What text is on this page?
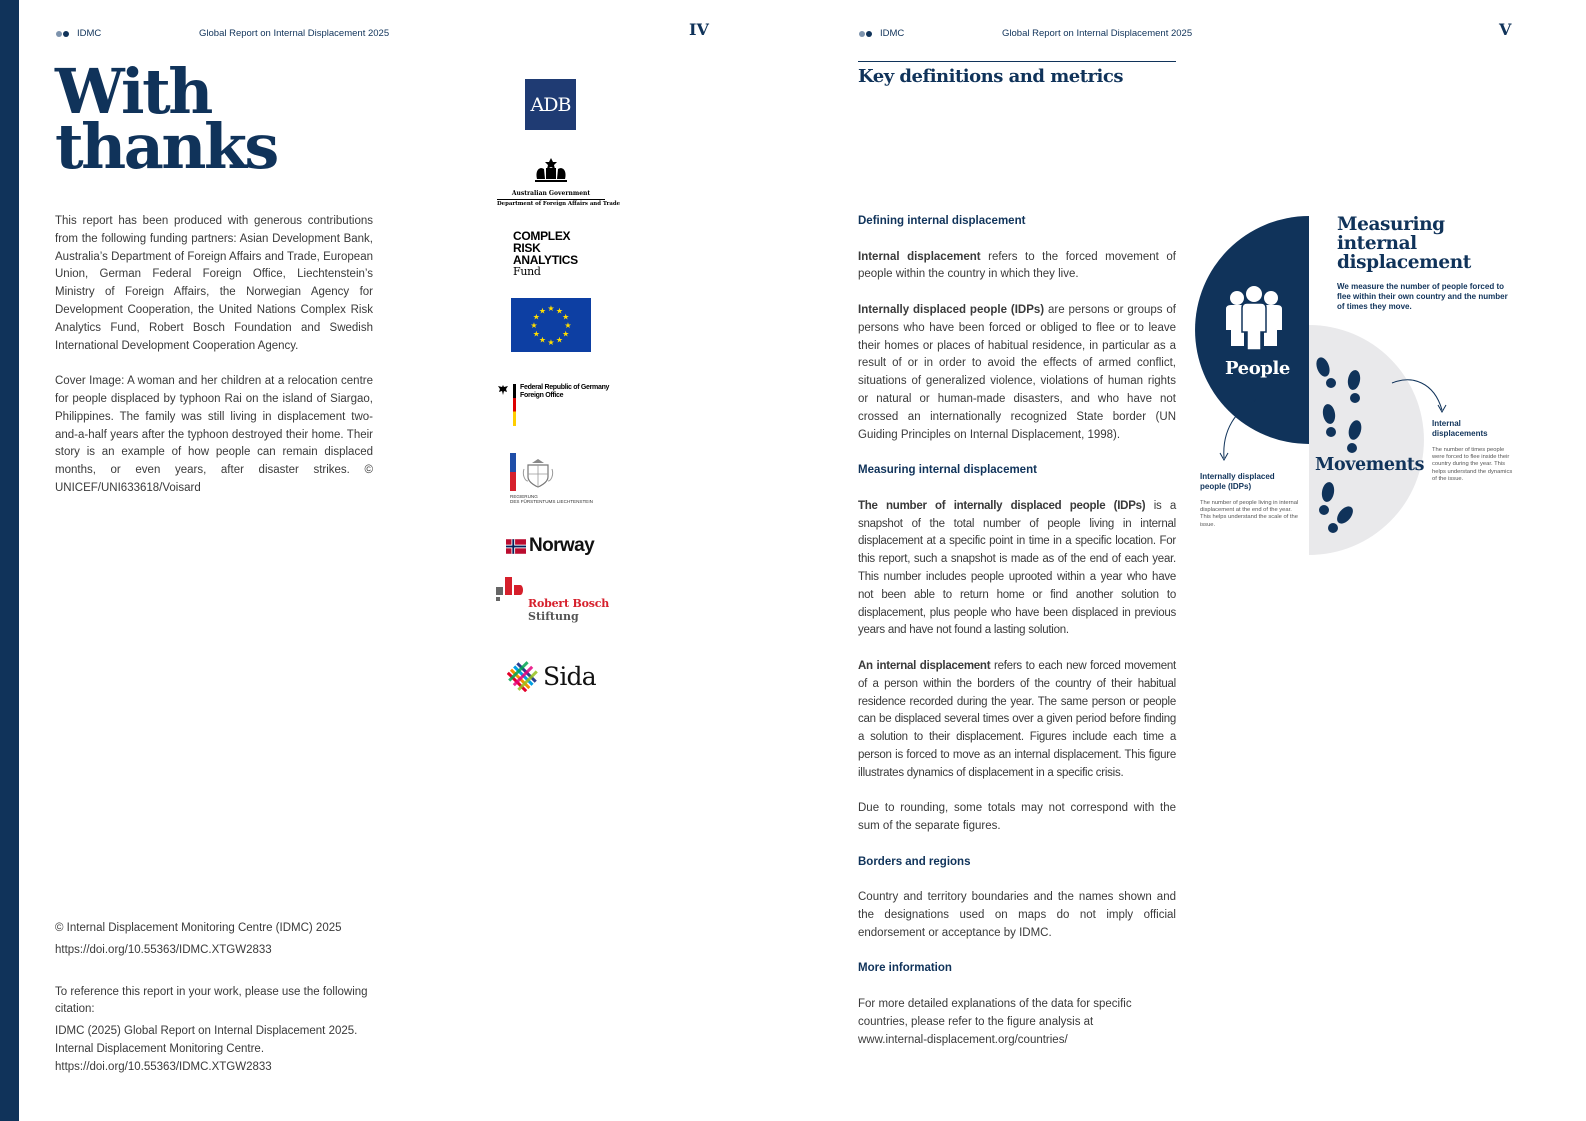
IDMC	Global Report on Internal Displacement 2025	IV
With
thanks

This report has been produced with generous contributions from the following funding partners: Asian Development Bank, Australia’s Department of Foreign Affairs and Trade, European Union, German Federal Foreign Office, Liechtenstein’s Ministry of Foreign Affairs, the Norwegian Agency for Development Cooperation, the United Nations Complex Risk Analytics Fund, Robert Bosch Foundation and Swedish International Development Cooperation Agency.

Cover Image: A woman and her children at a relocation centre for people displaced by typhoon Rai on the island of Siargao, Philippines. The family was still living in displacement two-and-a-half years after the typhoon destroyed their home. Their story is an example of how people can remain displaced months, or even years, after disaster strikes. © UNICEF/UNI633618/Voisard

© Internal Displacement Monitoring Centre (IDMC) 2025
https://doi.org/10.55363/IDMC.XTGW2833
To reference this report in your work, please use the following citation:
IDMC (2025) Global Report on Internal Displacement 2025.
Internal Displacement Monitoring Centre.
https://doi.org/10.55363/IDMC.XTGW2833
ADB
Australian Government
Department of Foreign Affairs and Trade
COMPLEX
RISK
ANALYTICS
Fund
★ ★
★
★
★
★
★
★
★
★
★
★
Federal Republic of Germany
Foreign Office
REGIERUNG
DES FÜRSTENTUMS LIECHTENSTEIN
Norway
Robert Bosch
Stiftung
Sida
IDMC	Global Report on Internal Displacement 2025	V
Key definitions and metrics
Defining internal displacement

Internal displacement refers to the forced movement of people within the country in which they live.

Internally displaced people (IDPs) are persons or groups of persons who have been forced or obliged to flee or to leave their homes or places of habitual residence, in particular as a result of or in order to avoid the effects of armed conflict, situations of generalized violence, violations of human rights or natural or human-made disasters, and who have not crossed an internationally recognized State border (UN Guiding Principles on Internal Displacement, 1998).

Measuring internal displacement

The number of internally displaced people (IDPs) is a snapshot of the total number of people living in internal displacement at a specific point in time in a specific location. For this report, such a snapshot is made as of the end of each year. This number includes people uprooted within a year who have not been able to return home or find another solution to displacement, plus people who have been displaced in previous years and have not found a lasting solution.

An internal displacement refers to each new forced movement of a person within the borders of the country of their habitual residence recorded during the year. The same person or people can be displaced several times over a given period before finding a solution to their displacement. Figures include each time a person is forced to move as an internal displacement. This figure illustrates dynamics of displacement in a specific crisis.

Due to rounding, some totals may not correspond with the sum of the separate figures.

Borders and regions

Country and territory boundaries and the names shown and the designations used on maps do not imply official endorsement or acceptance by IDMC.

More information
For more detailed explanations of the data for specific
countries, please refer to the figure analysis at
www.internal-displacement.org/countries/
Measuring
internal
displacement
We measure the number of people forced to flee within their own country and the number of times they move.
People
Movements
Internally displaced people (IDPs)
The number of people living in internal displacement at the end of the year. This helps understand the scale of the issue.
Internal displacements
The number of times people were forced to flee inside their country during the year. This helps understand the dynamics of the issue.
